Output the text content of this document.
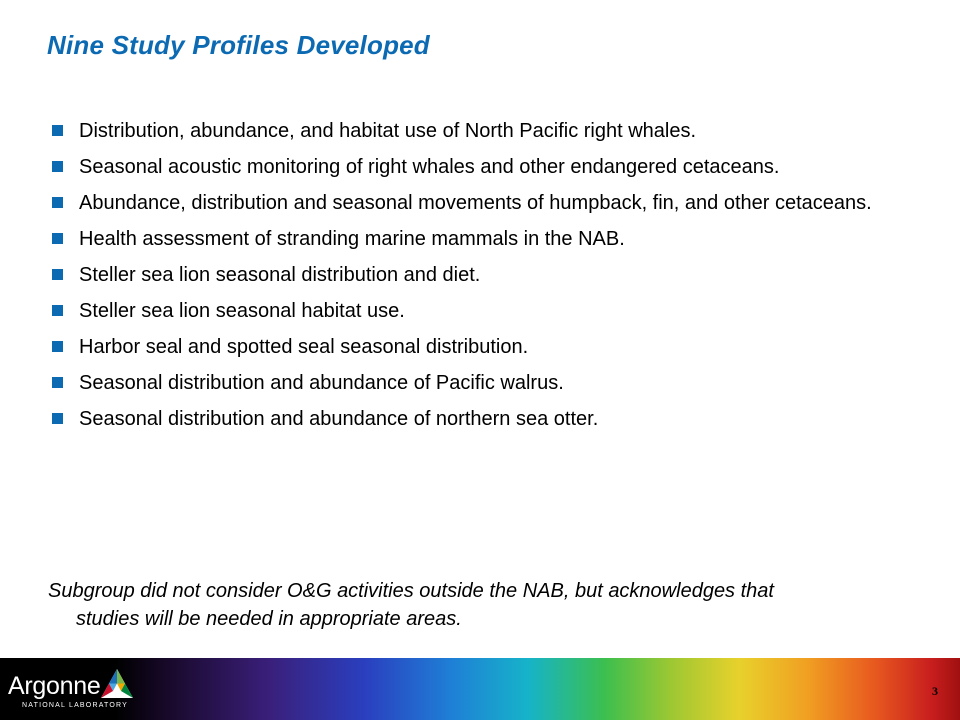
Nine Study Profiles Developed
Distribution, abundance, and habitat use of North Pacific right whales.
Seasonal acoustic monitoring of right whales and other endangered cetaceans.
Abundance, distribution and seasonal movements of humpback, fin, and other cetaceans.
Health assessment of stranding marine mammals in the NAB.
Steller sea lion seasonal distribution and diet.
Steller sea lion seasonal habitat use.
Harbor seal and spotted seal seasonal distribution.
Seasonal distribution and abundance of Pacific walrus.
Seasonal distribution and abundance of northern sea otter.
Subgroup did not consider O&G activities outside the NAB, but acknowledges that studies will be needed in appropriate areas.
Argonne
NATIONAL LABORATORY
3
